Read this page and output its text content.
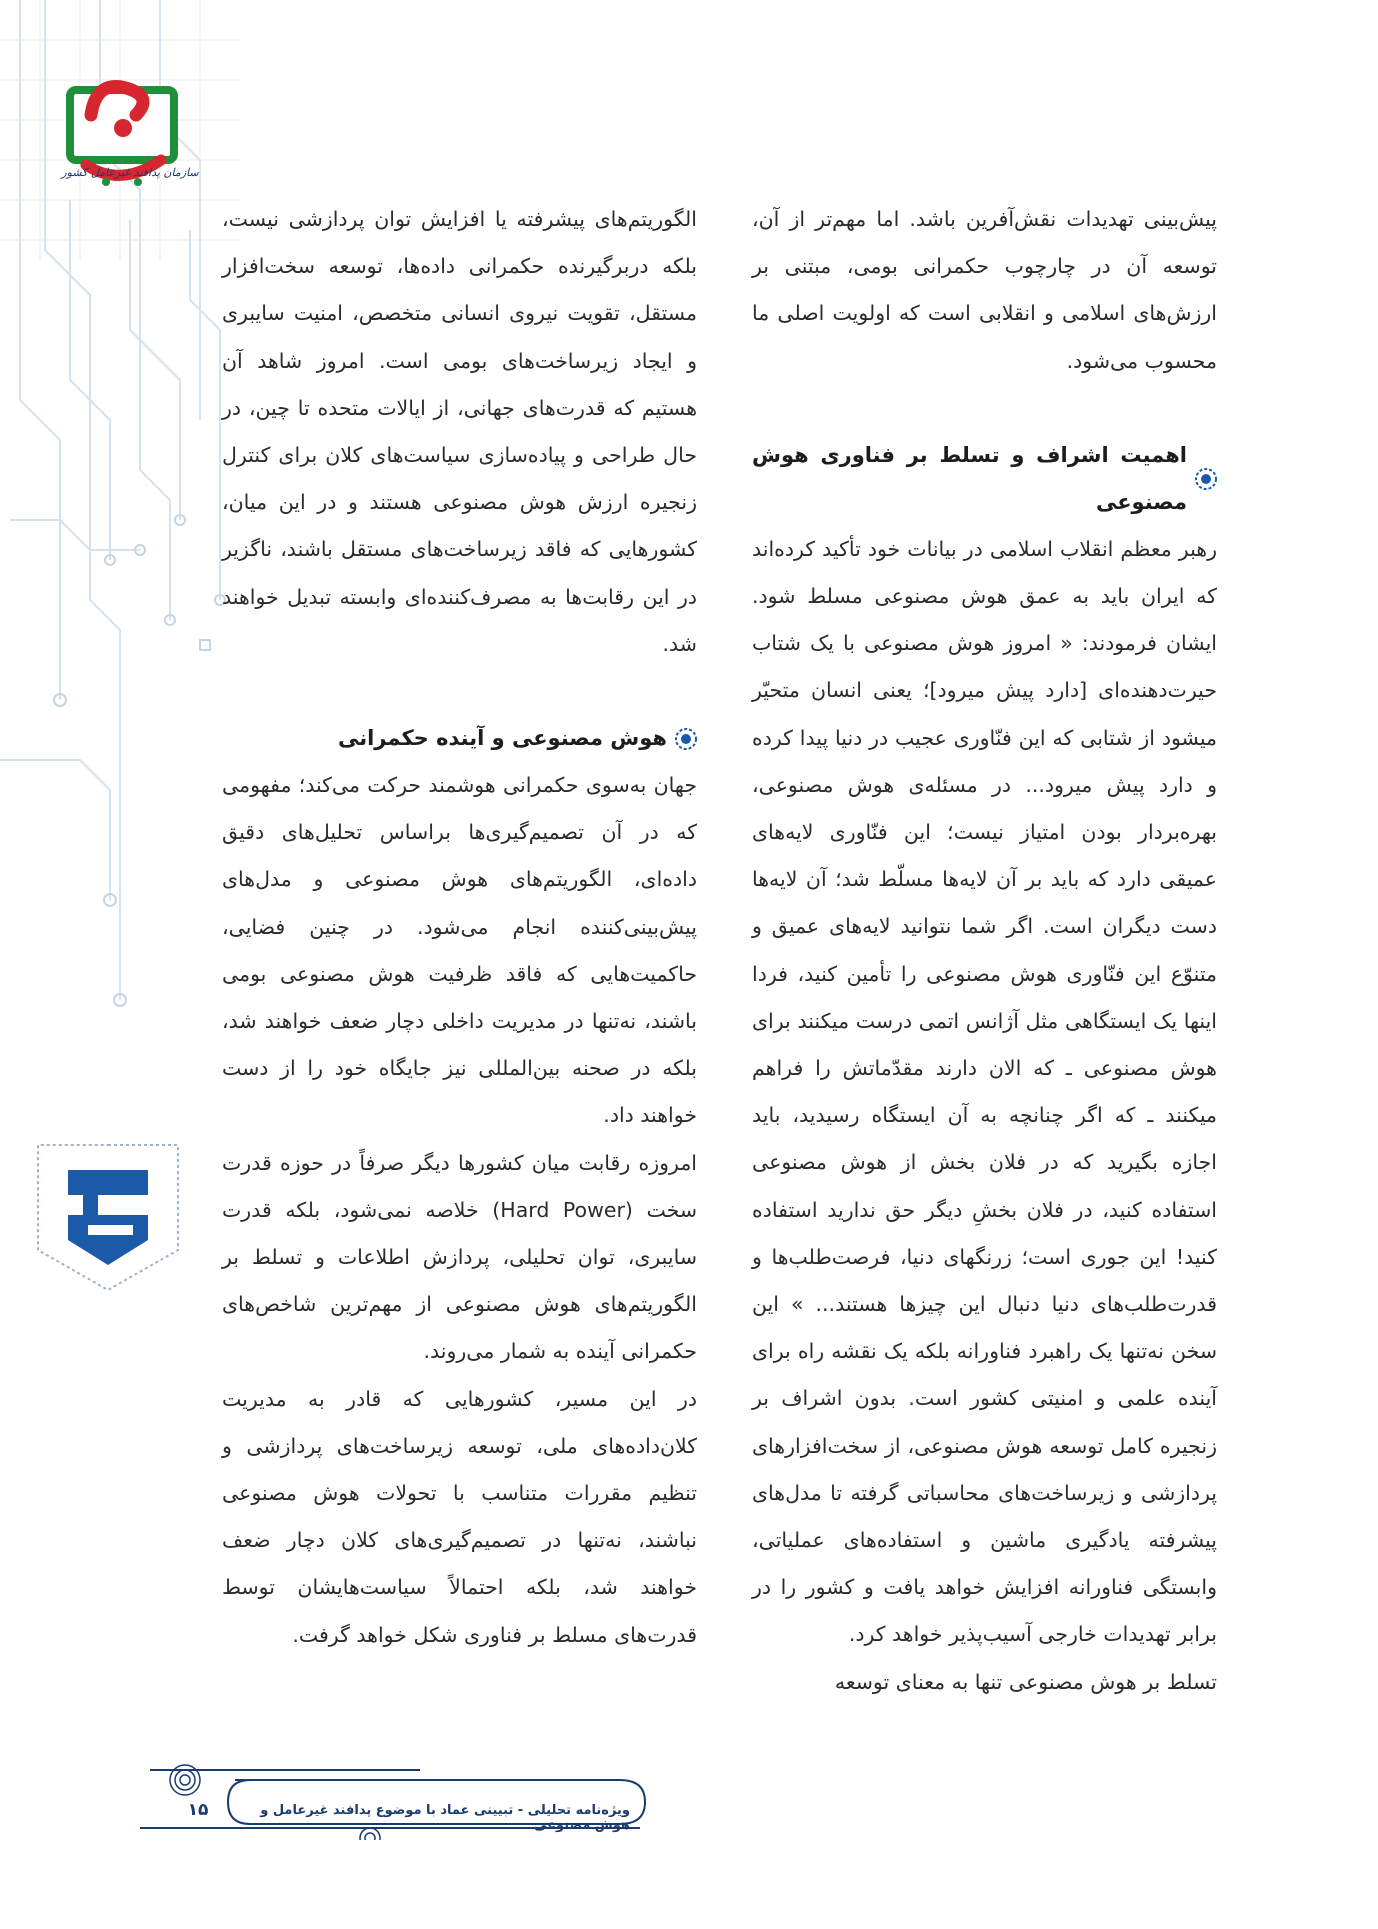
سازمان پدافند غیرعامل کشور

پیش‌بینی تهدیدات نقش‌آفرین باشد. اما مهم‌تر از آن، توسعه آن در چارچوب حکمرانی بومی، مبتنی بر ارزش‌های اسلامی و انقلابی است که اولویت اصلی ما محسوب می‌شود.

اهمیت اشراف و تسلط بر فناوری هوش مصنوعی

رهبر معظم انقلاب اسلامی در بیانات خود تأکید کرده‌اند که ایران باید به عمق هوش مصنوعی مسلط شود. ایشان فرمودند: « امروز هوش مصنوعی با یک شتاب حیرت‌دهنده‌ای [دارد پیش میرود]؛ یعنی انسان متحیّر میشود از شتابی که این فنّاوری عجیب در دنیا پیدا کرده و دارد پیش میرود... در مسئله‌ی هوش مصنوعی، بهره‌بردار بودن امتیاز نیست؛ این فنّاوری لایه‌های عمیقی دارد که باید بر آن لایه‌ها مسلّط شد؛ آن لایه‌ها دست دیگران است. اگر شما نتوانید لایه‌های عمیق و متنوّع این فنّاوری هوش مصنوعی را تأمین کنید، فردا اینها یک ایستگاهی مثل آژانس اتمی درست میکنند برای هوش مصنوعی ـ که الان دارند مقدّماتش را فراهم میکنند ـ که اگر چنانچه به آن ایستگاه رسیدید، باید اجازه بگیرید که در فلان بخش از هوش مصنوعی استفاده کنید، در فلان بخشِ دیگر حق ندارید استفاده کنید! این جوری است؛ زرنگهای دنیا، فرصت‌طلب‌ها و قدرت‌طلب‌های دنیا دنبال این چیزها هستند... » این سخن نه‌تنها یک راهبرد فناورانه بلکه یک نقشه راه برای آینده علمی و امنیتی کشور است. بدون اشراف بر زنجیره کامل توسعه هوش مصنوعی، از سخت‌افزارهای پردازشی و زیرساخت‌های محاسباتی گرفته تا مدل‌های پیشرفته یادگیری ماشین و استفاده‌های عملیاتی، وابستگی فناورانه افزایش خواهد یافت و کشور را در برابر تهدیدات خارجی آسیب‌پذیر خواهد کرد.

تسلط بر هوش مصنوعی تنها به معنای توسعه

الگوریتم‌های پیشرفته یا افزایش توان پردازشی نیست، بلکه دربرگیرنده حکمرانی داده‌ها، توسعه سخت‌افزار مستقل، تقویت نیروی انسانی متخصص، امنیت سایبری و ایجاد زیرساخت‌های بومی است. امروز شاهد آن هستیم که قدرت‌های جهانی، از ایالات متحده تا چین، در حال طراحی و پیاده‌سازی سیاست‌های کلان برای کنترل زنجیره ارزش هوش مصنوعی هستند و در این میان، کشورهایی که فاقد زیرساخت‌های مستقل باشند، ناگزیر در این رقابت‌ها به مصرف‌کننده‌ای وابسته تبدیل خواهند شد.

هوش مصنوعی و آینده حکمرانی

جهان به‌سوی حکمرانی هوشمند حرکت می‌کند؛ مفهومی که در آن تصمیم‌گیری‌ها براساس تحلیل‌های دقیق داده‌ای، الگوریتم‌های هوش مصنوعی و مدل‌های پیش‌بینی‌کننده انجام می‌شود. در چنین فضایی، حاکمیت‌هایی که فاقد ظرفیت هوش مصنوعی بومی باشند، نه‌تنها در مدیریت داخلی دچار ضعف خواهند شد، بلکه در صحنه بین‌المللی نیز جایگاه خود را از دست خواهند داد.

امروزه رقابت میان کشورها دیگر صرفاً در حوزه قدرت سخت (Hard Power) خلاصه نمی‌شود، بلکه قدرت سایبری، توان تحلیلی، پردازش اطلاعات و تسلط بر الگوریتم‌های هوش مصنوعی از مهم‌ترین شاخص‌های حکمرانی آینده به شمار می‌روند.

در این مسیر، کشورهایی که قادر به مدیریت کلان‌داده‌های ملی، توسعه زیرساخت‌های پردازشی و تنظیم مقررات متناسب با تحولات هوش مصنوعی نباشند، نه‌تنها در تصمیم‌گیری‌های کلان دچار ضعف خواهند شد، بلکه احتمالاً سیاست‌هایشان توسط قدرت‌های مسلط بر فناوری شکل خواهد گرفت.

ویژه‌نامه تحلیلی - تبیینی عماد با موضوع پدافند غیرعامل و هوش مصنوعی
۱۵
